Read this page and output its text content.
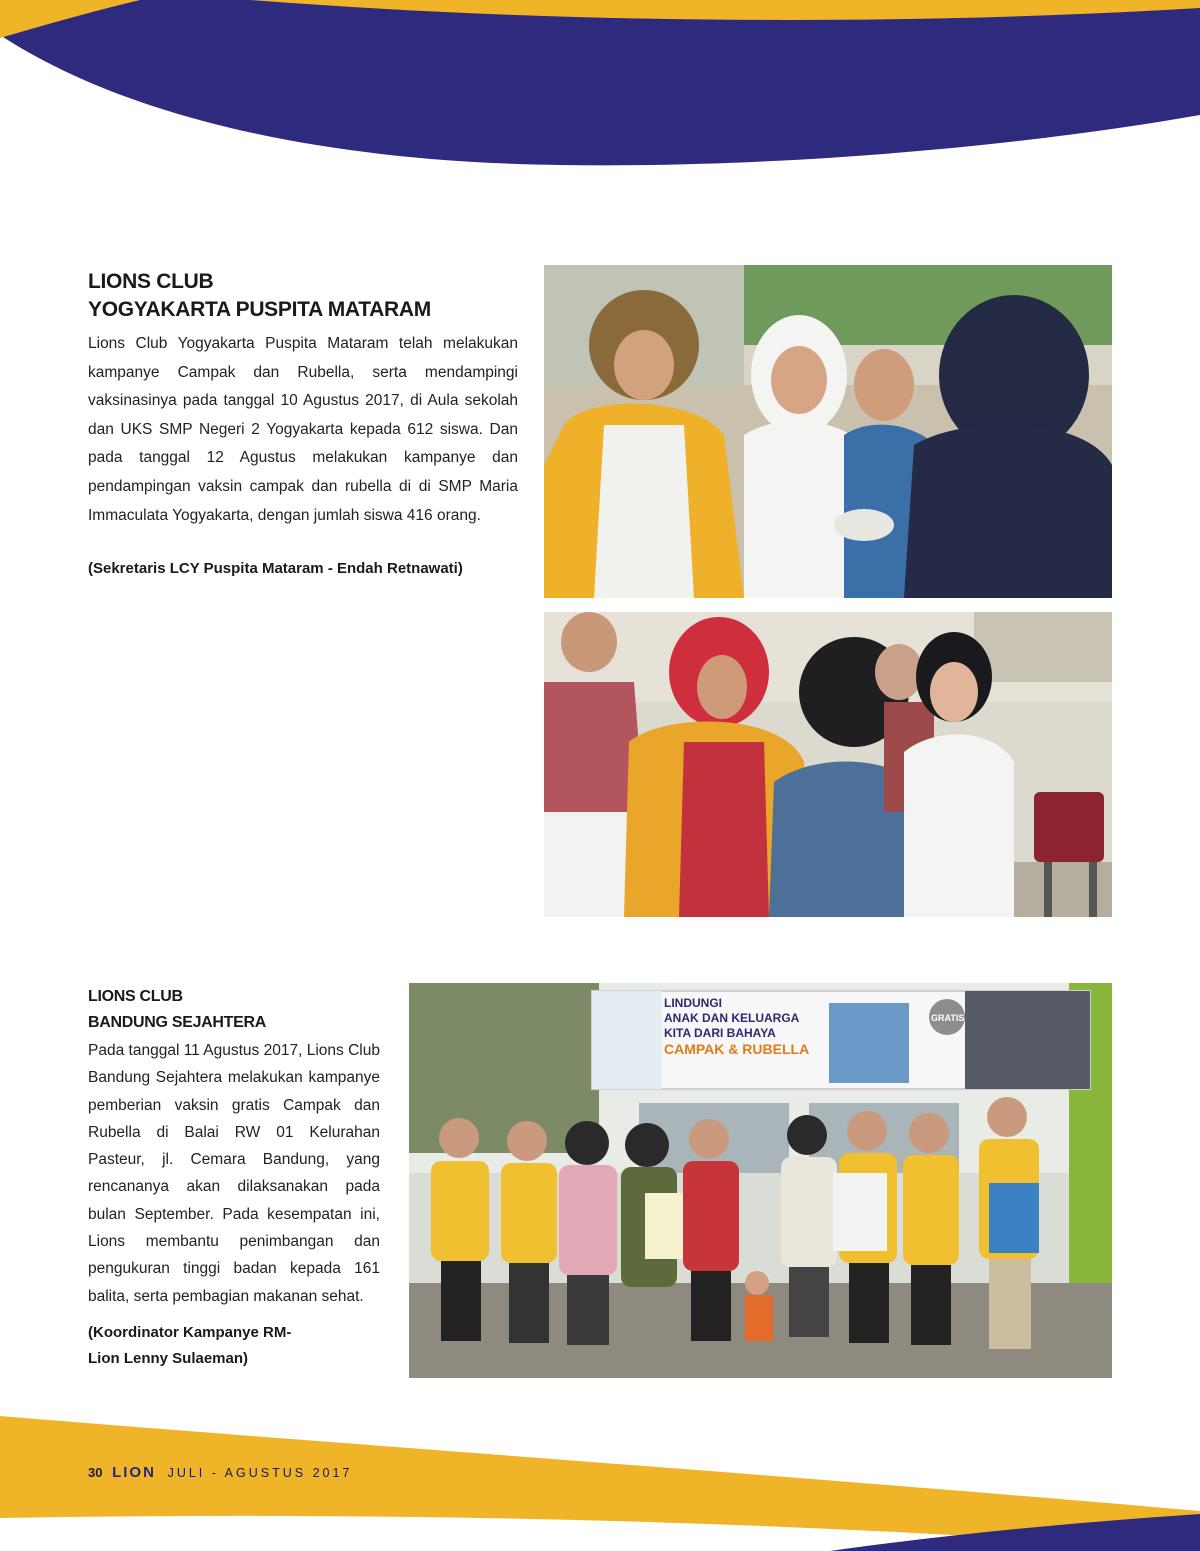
LIONS CLUB
YOGYAKARTA PUSPITA MATARAM

Lions Club Yogyakarta Puspita Mataram telah melakukan kampanye Campak dan Rubella, serta mendampingi vaksinasinya pada tanggal 10 Agustus 2017, di Aula sekolah dan UKS SMP Negeri 2 Yogyakarta kepada 612 siswa. Dan pada tanggal 12 Agustus melakukan kampanye dan pendampingan vaksin campak dan rubella di di SMP Maria Immaculata Yogyakarta, dengan jumlah siswa 416 orang.

(Sekretaris LCY Puspita Mataram - Endah Retnawati)

LIONS CLUB
BANDUNG SEJAHTERA

Pada tanggal 11 Agustus 2017, Lions Club Bandung Sejahtera melakukan kampanye pemberian vaksin gratis Campak dan Rubella di Balai RW 01 Kelurahan Pasteur, jl. Cemara Bandung, yang rencananya akan dilaksanakan pada bulan September. Pada kesempatan ini, Lions membantu penimbangan dan pengukuran tinggi badan kepada 161 balita, serta pembagian makanan sehat.

(Koordinator Kampanye RM-
Lion Lenny Sulaeman)

LINDUNGI
ANAK DAN KELUARGA
KITA DARI BAHAYA
CAMPAK & RUBELLA
GRATIS
30 LION JULI - AGUSTUS 2017
